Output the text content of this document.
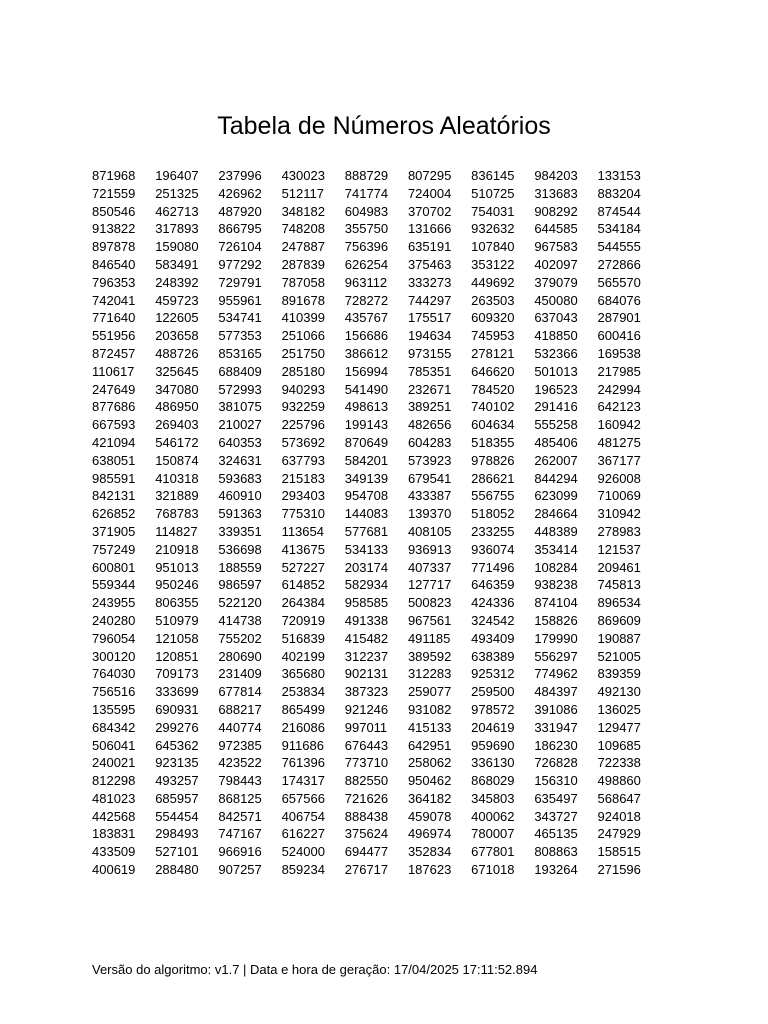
Tabela de Números Aleatórios
871968	196407	237996	430023	888729	807295	836145	984203	133153
721559	251325	426962	512117	741774	724004	510725	313683	883204
850546	462713	487920	348182	604983	370702	754031	908292	874544
913822	317893	866795	748208	355750	131666	932632	644585	534184
897878	159080	726104	247887	756396	635191	107840	967583	544555
846540	583491	977292	287839	626254	375463	353122	402097	272866
796353	248392	729791	787058	963112	333273	449692	379079	565570
742041	459723	955961	891678	728272	744297	263503	450080	684076
771640	122605	534741	410399	435767	175517	609320	637043	287901
551956	203658	577353	251066	156686	194634	745953	418850	600416
872457	488726	853165	251750	386612	973155	278121	532366	169538
110617	325645	688409	285180	156994	785351	646620	501013	217985
247649	347080	572993	940293	541490	232671	784520	196523	242994
877686	486950	381075	932259	498613	389251	740102	291416	642123
667593	269403	210027	225796	199143	482656	604634	555258	160942
421094	546172	640353	573692	870649	604283	518355	485406	481275
638051	150874	324631	637793	584201	573923	978826	262007	367177
985591	410318	593683	215183	349139	679541	286621	844294	926008
842131	321889	460910	293403	954708	433387	556755	623099	710069
626852	768783	591363	775310	144083	139370	518052	284664	310942
371905	114827	339351	113654	577681	408105	233255	448389	278983
757249	210918	536698	413675	534133	936913	936074	353414	121537
600801	951013	188559	527227	203174	407337	771496	108284	209461
559344	950246	986597	614852	582934	127717	646359	938238	745813
243955	806355	522120	264384	958585	500823	424336	874104	896534
240280	510979	414738	720919	491338	967561	324542	158826	869609
796054	121058	755202	516839	415482	491185	493409	179990	190887
300120	120851	280690	402199	312237	389592	638389	556297	521005
764030	709173	231409	365680	902131	312283	925312	774962	839359
756516	333699	677814	253834	387323	259077	259500	484397	492130
135595	690931	688217	865499	921246	931082	978572	391086	136025
684342	299276	440774	216086	997011	415133	204619	331947	129477
506041	645362	972385	911686	676443	642951	959690	186230	109685
240021	923135	423522	761396	773710	258062	336130	726828	722338
812298	493257	798443	174317	882550	950462	868029	156310	498860
481023	685957	868125	657566	721626	364182	345803	635497	568647
442568	554454	842571	406754	888438	459078	400062	343727	924018
183831	298493	747167	616227	375624	496974	780007	465135	247929
433509	527101	966916	524000	694477	352834	677801	808863	158515
400619	288480	907257	859234	276717	187623	671018	193264	271596
Versão do algoritmo: v1.7 | Data e hora de geração: 17/04/2025 17:11:52.894
